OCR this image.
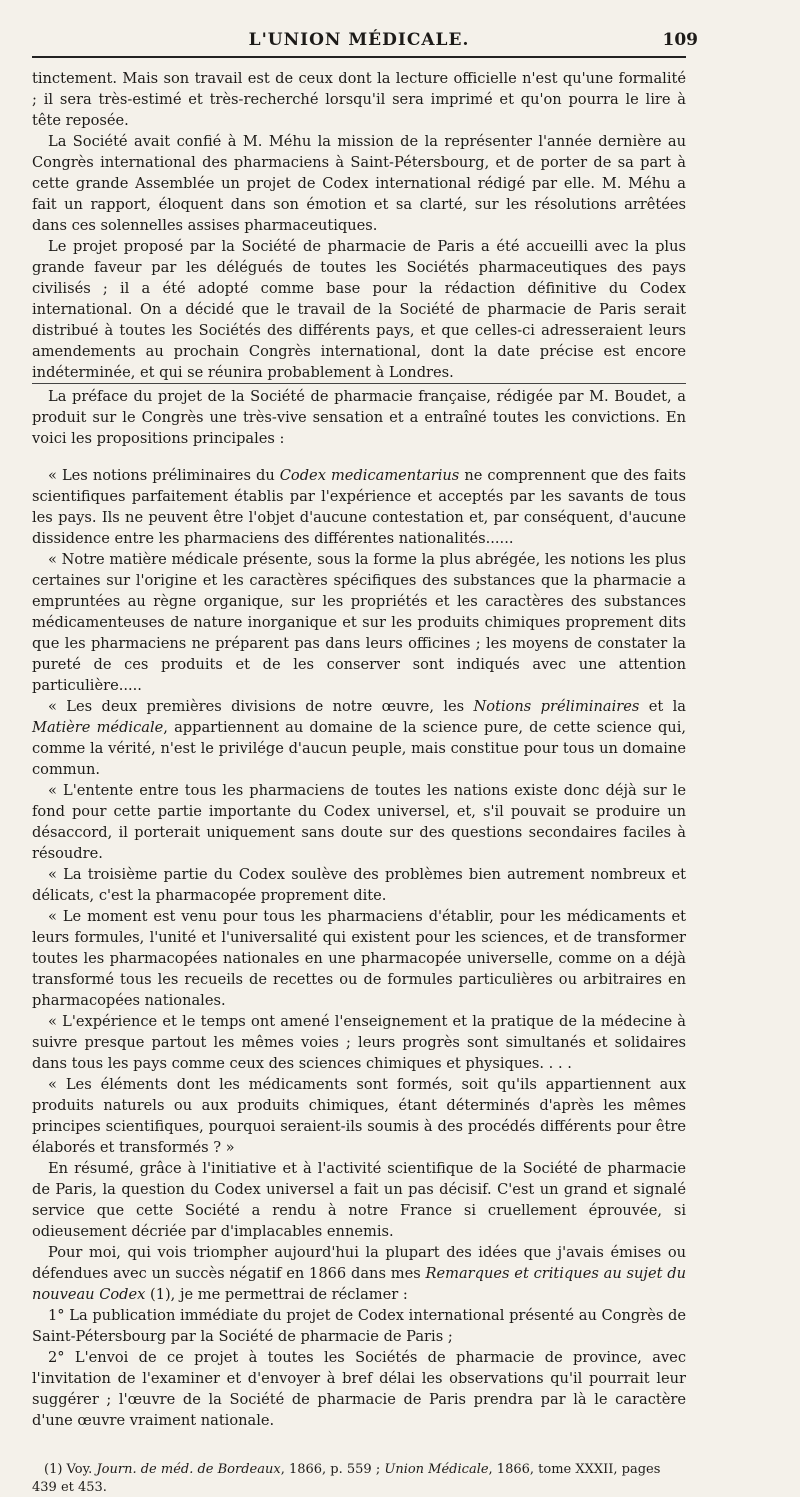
L'UNION MÉDICALE.	109

tinctement. Mais son travail est de ceux dont la lecture officielle n'est qu'une formalité ; il sera très-estimé et très-recherché lorsqu'il sera imprimé et qu'on pourra le lire à tête reposée.

La Société avait confié à M. Méhu la mission de la représenter l'année dernière au Congrès international des pharmaciens à Saint-Pétersbourg, et de porter de sa part à cette grande Assemblée un projet de Codex international rédigé par elle. M. Méhu a fait un rapport, éloquent dans son émotion et sa clarté, sur les résolutions arrêtées dans ces solennelles assises pharmaceutiques.

Le projet proposé par la Société de pharmacie de Paris a été accueilli avec la plus grande faveur par les délégués de toutes les Sociétés pharmaceutiques des pays civilisés ; il a été adopté comme base pour la rédaction définitive du Codex international. On a décidé que le travail de la Société de pharmacie de Paris serait distribué à toutes les Sociétés des différents pays, et que celles-ci adresseraient leurs amendements au prochain Congrès international, dont la date précise est encore indéterminée, et qui se réunira probablement à Londres.

La préface du projet de la Société de pharmacie française, rédigée par M. Boudet, a produit sur le Congrès une très-vive sensation et a entraîné toutes les convictions. En voici les propositions principales :

« Les notions préliminaires du Codex medicamentarius ne comprennent que des faits scientifiques parfaitement établis par l'expérience et acceptés par les savants de tous les pays. Ils ne peuvent être l'objet d'aucune contestation et, par conséquent, d'aucune dissidence entre les pharmaciens des différentes nationalités......

« Notre matière médicale présente, sous la forme la plus abrégée, les notions les plus certaines sur l'origine et les caractères spécifiques des substances que la pharmacie a empruntées au règne organique, sur les propriétés et les caractères des substances médicamenteuses de nature inorganique et sur les produits chimiques proprement dits que les pharmaciens ne préparent pas dans leurs officines ; les moyens de constater la pureté de ces produits et de les conserver sont indiqués avec une attention particulière.....

« Les deux premières divisions de notre œuvre, les Notions préliminaires et la Matière médicale, appartiennent au domaine de la science pure, de cette science qui, comme la vérité, n'est le privilége d'aucun peuple, mais constitue pour tous un domaine commun.

« L'entente entre tous les pharmaciens de toutes les nations existe donc déjà sur le fond pour cette partie importante du Codex universel, et, s'il pouvait se produire un désaccord, il porterait uniquement sans doute sur des questions secondaires faciles à résoudre.

« La troisième partie du Codex soulève des problèmes bien autrement nombreux et délicats, c'est la pharmacopée proprement dite.

« Le moment est venu pour tous les pharmaciens d'établir, pour les médicaments et leurs formules, l'unité et l'universalité qui existent pour les sciences, et de transformer toutes les pharmacopées nationales en une pharmacopée universelle, comme on a déjà transformé tous les recueils de recettes ou de formules particulières ou arbitraires en pharmacopées nationales.

« L'expérience et le temps ont amené l'enseignement et la pratique de la médecine à suivre presque partout les mêmes voies ; leurs progrès sont simultanés et solidaires dans tous les pays comme ceux des sciences chimiques et physiques. . . .

« Les éléments dont les médicaments sont formés, soit qu'ils appartiennent aux produits naturels ou aux produits chimiques, étant déterminés d'après les mêmes principes scientifiques, pourquoi seraient-ils soumis à des procédés différents pour être élaborés et transformés ? »

En résumé, grâce à l'initiative et à l'activité scientifique de la Société de pharmacie de Paris, la question du Codex universel a fait un pas décisif. C'est un grand et signalé service que cette Société a rendu à notre France si cruellement éprouvée, si odieusement décriée par d'implacables ennemis.

Pour moi, qui vois triompher aujourd'hui la plupart des idées que j'avais émises ou défendues avec un succès négatif en 1866 dans mes Remarques et critiques au sujet du nouveau Codex (1), je me permettrai de réclamer :

1° La publication immédiate du projet de Codex international présenté au Congrès de Saint-Pétersbourg par la Société de pharmacie de Paris ;

2° L'envoi de ce projet à toutes les Sociétés de pharmacie de province, avec l'invitation de l'examiner et d'envoyer à bref délai les observations qu'il pourrait leur suggérer ; l'œuvre de la Société de pharmacie de Paris prendra par là le caractère d'une œuvre vraiment nationale.

(1) Voy. Journ. de méd. de Bordeaux, 1866, p. 559 ; Union Médicale, 1866, tome XXXII, pages 439 et 453.
